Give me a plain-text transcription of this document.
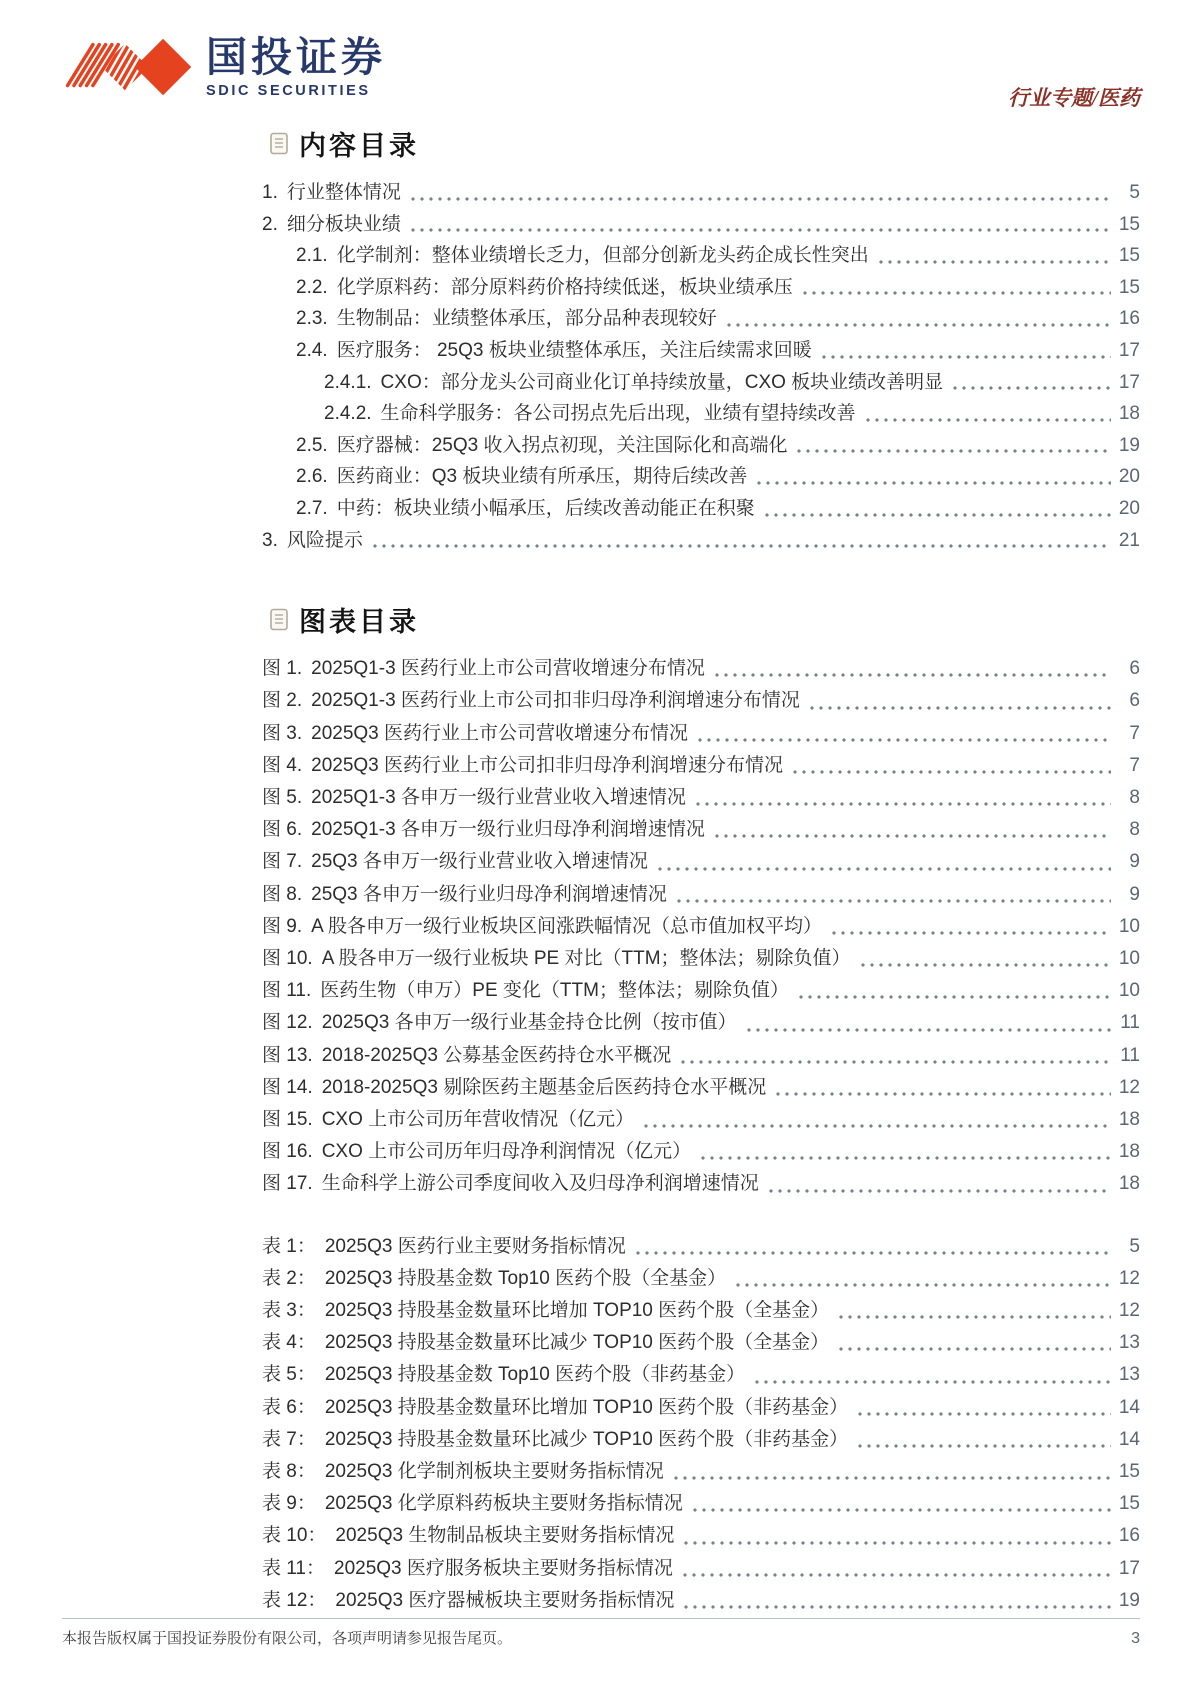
国投证券
SDIC SECURITIES	行业专题/医药
内容目录
1. 行业整体情况	5
2. 细分板块业绩	15
2.1. 化学制剂：整体业绩增长乏力，但部分创新龙头药企成长性突出	15
2.2. 化学原料药：部分原料药价格持续低迷，板块业绩承压	15
2.3. 生物制品：业绩整体承压，部分品种表现较好	16
2.4. 医疗服务： 25Q3 板块业绩整体承压，关注后续需求回暖	17
2.4.1. CXO：部分龙头公司商业化订单持续放量，CXO 板块业绩改善明显	17
2.4.2. 生命科学服务：各公司拐点先后出现，业绩有望持续改善	18
2.5. 医疗器械：25Q3 收入拐点初现，关注国际化和高端化	19
2.6. 医药商业：Q3 板块业绩有所承压，期待后续改善	20
2.7. 中药：板块业绩小幅承压，后续改善动能正在积聚	20
3. 风险提示	21
图表目录
图 1. 2025Q1-3 医药行业上市公司营收增速分布情况	6
图 2. 2025Q1-3 医药行业上市公司扣非归母净利润增速分布情况	6
图 3. 2025Q3 医药行业上市公司营收增速分布情况	7
图 4. 2025Q3 医药行业上市公司扣非归母净利润增速分布情况	7
图 5. 2025Q1-3 各申万一级行业营业收入增速情况	8
图 6. 2025Q1-3 各申万一级行业归母净利润增速情况	8
图 7. 25Q3 各申万一级行业营业收入增速情况	9
图 8. 25Q3 各申万一级行业归母净利润增速情况	9
图 9. A 股各申万一级行业板块区间涨跌幅情况（总市值加权平均）	10
图 10. A 股各申万一级行业板块 PE 对比（TTM；整体法；剔除负值）	10
图 11. 医药生物（申万）PE 变化（TTM；整体法；剔除负值）	10
图 12. 2025Q3 各申万一级行业基金持仓比例（按市值）	11
图 13. 2018-2025Q3 公募基金医药持仓水平概况	11
图 14. 2018-2025Q3 剔除医药主题基金后医药持仓水平概况	12
图 15. CXO 上市公司历年营收情况（亿元）	18
图 16. CXO 上市公司历年归母净利润情况（亿元）	18
图 17. 生命科学上游公司季度间收入及归母净利润增速情况	18
表 1： 2025Q3 医药行业主要财务指标情况	5
表 2： 2025Q3 持股基金数 Top10 医药个股（全基金）	12
表 3： 2025Q3 持股基金数量环比增加 TOP10 医药个股（全基金）	12
表 4： 2025Q3 持股基金数量环比减少 TOP10 医药个股（全基金）	13
表 5： 2025Q3 持股基金数 Top10 医药个股（非药基金）	13
表 6： 2025Q3 持股基金数量环比增加 TOP10 医药个股（非药基金）	14
表 7： 2025Q3 持股基金数量环比减少 TOP10 医药个股（非药基金）	14
表 8： 2025Q3 化学制剂板块主要财务指标情况	15
表 9： 2025Q3 化学原料药板块主要财务指标情况	15
表 10： 2025Q3 生物制品板块主要财务指标情况	16
表 11： 2025Q3 医疗服务板块主要财务指标情况	17
表 12： 2025Q3 医疗器械板块主要财务指标情况	19
本报告版权属于国投证券股份有限公司，各项声明请参见报告尾页。	3
